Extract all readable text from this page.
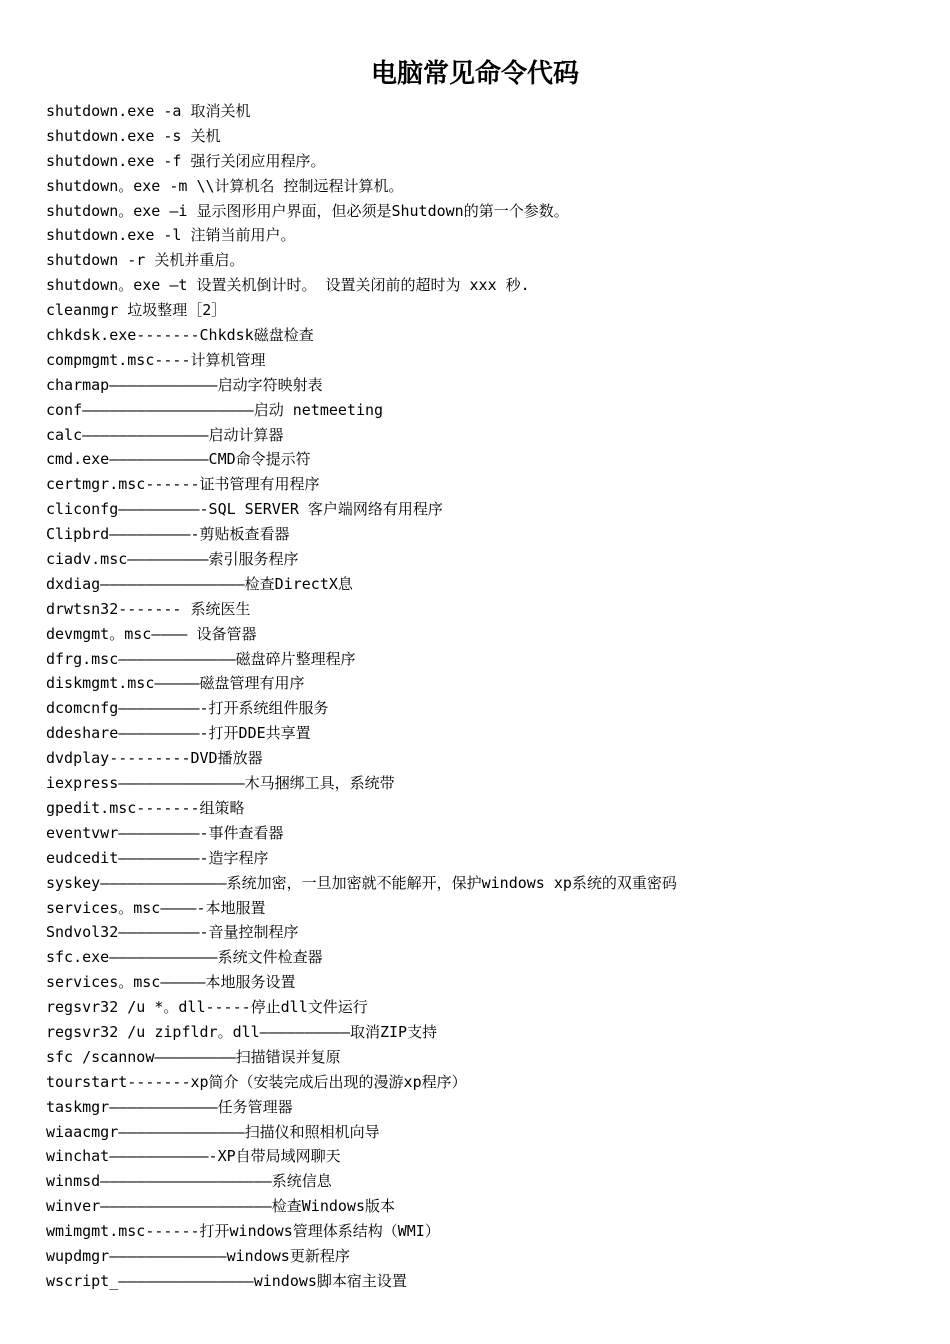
电脑常见命令代码
shutdown.exe -a 取消关机
shutdown.exe -s 关机
shutdown.exe -f 强行关闭应用程序。
shutdown。exe -m \\计算机名 控制远程计算机。
shutdown。exe —i 显示图形用户界面，但必须是Shutdown的第一个参数。
shutdown.exe -l 注销当前用户。
shutdown -r 关机并重启。
shutdown。exe —t 设置关机倒计时。 设置关闭前的超时为 xxx 秒.
cleanmgr 垃圾整理［2］
chkdsk.exe-------Chkdsk磁盘检查
compmgmt.msc----计算机管理
charmap————————————启动字符映射表
conf———————————————————启动 netmeeting
calc——————————————启动计算器
cmd.exe———————————CMD命令提示符
certmgr.msc------证书管理有用程序
cliconfg—————————-SQL SERVER 客户端网络有用程序
Clipbrd—————————-剪贴板查看器
ciadv.msc—————————索引服务程序
dxdiag————————————————检查DirectX息
drwtsn32------- 系统医生
devmgmt。msc———— 设备管器
dfrg.msc—————————————磁盘碎片整理程序
diskmgmt.msc—————磁盘管理有用序
dcomcnfg—————————-打开系统组件服务
ddeshare—————————-打开DDE共享置
dvdplay---------DVD播放器
iexpress——————————————木马捆绑工具，系统带
gpedit.msc-------组策略
eventvwr—————————-事件查看器
eudcedit—————————-造字程序
syskey——————————————系统加密，一旦加密就不能解开，保护windows xp系统的双重密码
services。msc————-本地服置
Sndvol32—————————-音量控制程序
sfc.exe————————————系统文件检查器
services。msc—————本地服务设置
regsvr32 /u *。dll-----停止dll文件运行
regsvr32 /u zipfldr。dll——————————取消ZIP支持
sfc /scannow—————————扫描错误并复原
tourstart-------xp简介（安装完成后出现的漫游xp程序）
taskmgr————————————任务管理器
wiaacmgr——————————————扫描仪和照相机向导
winchat———————————-XP自带局域网聊天
winmsd———————————————————系统信息
winver———————————————————检查Windows版本
wmimgmt.msc------打开windows管理体系结构（WMI）
wupdmgr—————————————windows更新程序
wscript_———————————————windows脚本宿主设置
